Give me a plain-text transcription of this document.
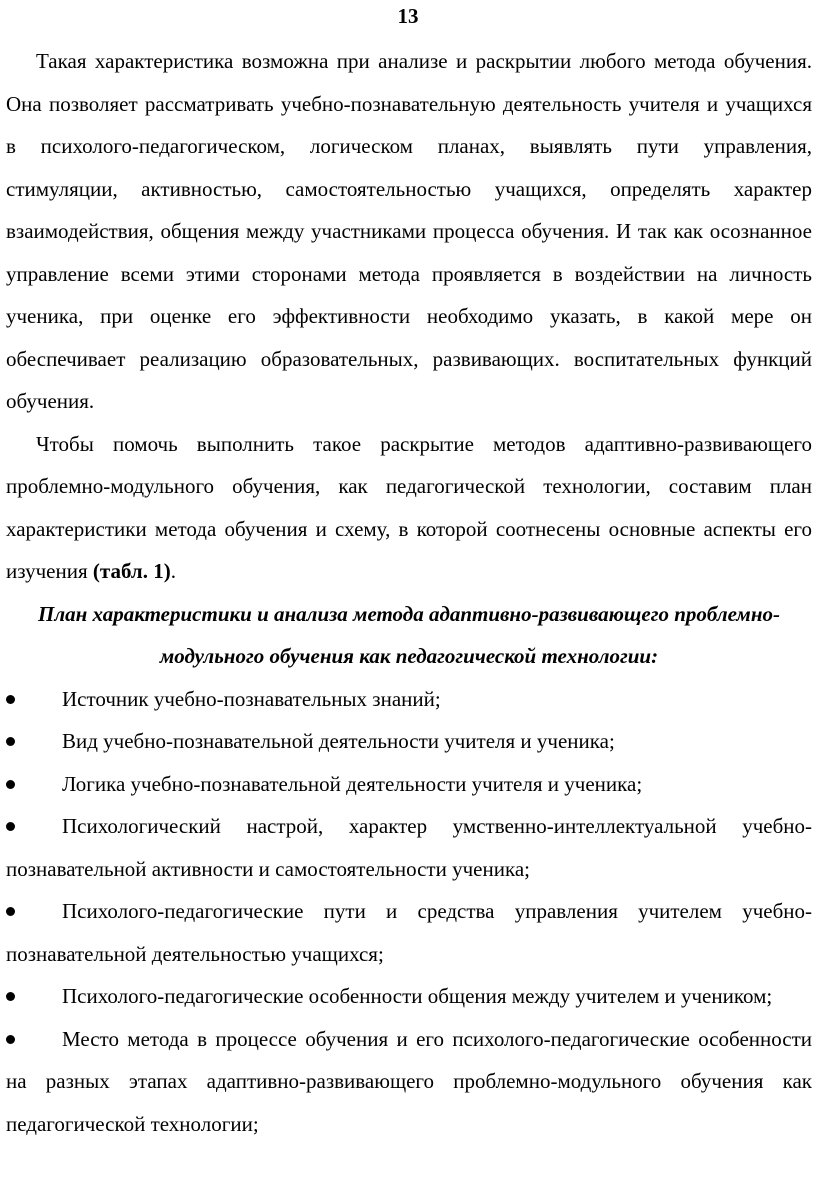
13

Такая характеристика возможна при анализе и раскрытии любого метода обучения. Она позволяет рассматривать учебно-познавательную деятельность учителя и учащихся в психолого-педагогическом, логическом планах, выявлять пути управления, стимуляции, активностью, самостоятельностью учащихся, определять характер взаимодействия, общения между участниками процесса обучения. И так как осознанное управление всеми этими сторонами метода проявляется в воздействии на личность ученика, при оценке его эффективности необходимо указать, в какой мере он обеспечивает реализацию образовательных, развивающих. воспитательных функций обучения.

Чтобы помочь выполнить такое раскрытие методов адаптивно-развивающего проблемно-модульного обучения, как педагогической технологии, составим план характеристики метода обучения и схему, в которой соотнесены основные аспекты его изучения (табл. 1).

План характеристики и анализа метода адаптивно-развивающего проблемно-модульного обучения как педагогической технологии:

Источник учебно-познавательных знаний;
Вид учебно-познавательной деятельности учителя и ученика;
Логика учебно-познавательной деятельности учителя и ученика;
Психологический настрой, характер умственно-интеллектуальной учебно-познавательной активности и самостоятельности ученика;
Психолого-педагогические пути и средства управления учителем учебно-познавательной деятельностью учащихся;
Психолого-педагогические особенности общения между учителем и учеником;
Место метода в процессе обучения и его психолого-педагогические особенности на разных этапах адаптивно-развивающего проблемно-модульного обучения как педагогической технологии;
